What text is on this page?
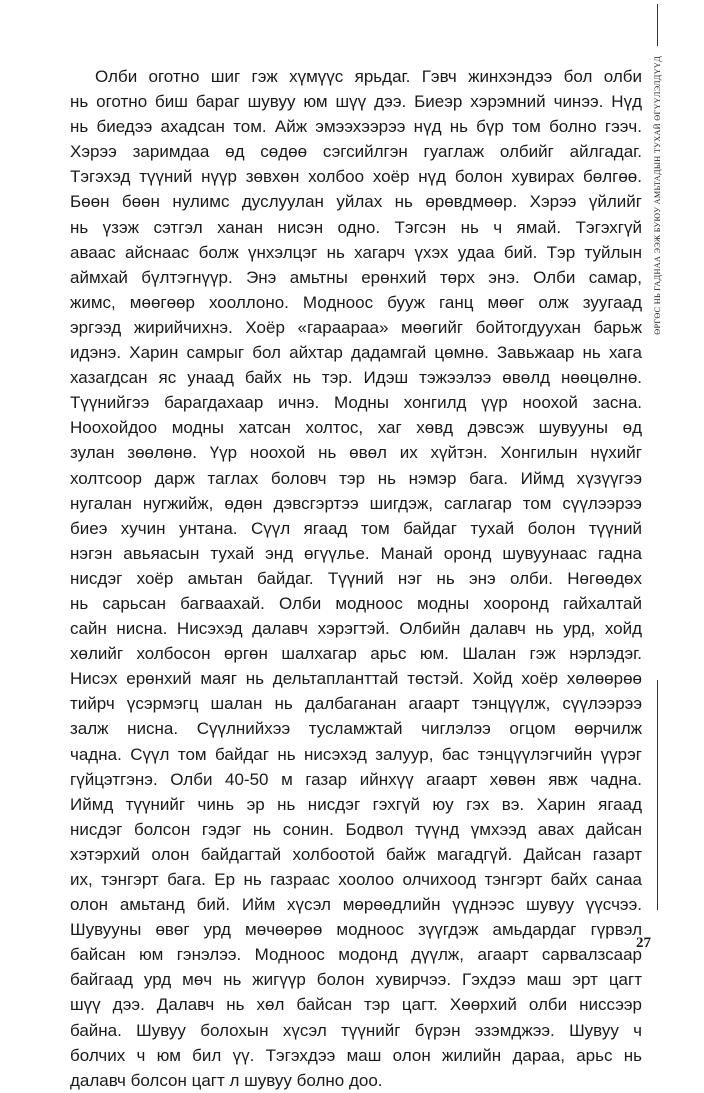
ӨРГӨС НЬ ГАДНАА ЭЭЖ БУЮУ АМЬТАДЫН ТУХАЙ ӨГҮҮЛЭЛДҮҮД

Олби оготно шиг гэж хүмүүс ярьдаг. Гэвч жинхэндээ бол олби
нь оготно биш бараг шувуу юм шүү дээ. Биеэр хэрэмний чинээ. Нүд
нь биедээ ахадсан том. Айж эмээхээрээ нүд нь бүр том болно гээч.
Хэрээ заримдаа өд сөдөө сэгсийлгэн гуаглаж олбийг айлгадаг.
Тэгэхэд түүний нүүр зөвхөн холбоо хоёр нүд болон хувирах бөлгөө.
Бөөн бөөн нулимс дуслуулан уйлах нь өрөвдмөөр. Хэрээ үйлийг
нь үзэж сэтгэл ханан нисэн одно. Тэгсэн нь ч ямай. Тэгэхгүй
аваас айснаас болж үнхэлцэг нь хагарч үхэх удаа бий. Тэр туйлын
аймхай бүлтэгнүүр. Энэ амьтны ерөнхий төрх энэ. Олби самар,
жимс, мөөгөөр хооллоно. Модноос бууж ганц мөөг олж зуугаад
эргээд жирийчихнэ. Хоёр «гараараа» мөөгийг бойтогдуухан барьж
идэнэ. Харин самрыг бол айхтар дадамгай цөмнө. Завьжаар нь хага
хазагдсан яс унаад байх нь тэр. Идэш тэжээлээ өвөлд нөөцөлнө.
Түүнийгээ барагдахаар ичнэ. Модны хонгилд үүр ноохой засна.
Ноохойдоо модны хатсан холтос, хаг хөвд дэвсэж шувууны өд
зулан зөөлөнө. Үүр ноохой нь өвөл их хүйтэн. Хонгилын нүхийг
холтсоор дарж таглах боловч тэр нь нэмэр бага. Иймд хүзүүгээ
нугалан нугжийж, өдөн дэвсгэртээ шигдэж, саглагар том сүүлээрээ
биеэ хучин унтана. Сүүл ягаад том байдаг тухай болон түүний
нэгэн авьяасын тухай энд өгүүлье. Манай оронд шувуунаас гадна
нисдэг хоёр амьтан байдаг. Түүний нэг нь энэ олби. Нөгөөдөх
нь сарьсан багваахай. Олби модноос модны хооронд гайхалтай
сайн нисна. Нисэхэд далавч хэрэгтэй. Олбийн далавч нь урд, хойд
хөлийг холбосон өргөн шалхагар арьс юм. Шалан гэж нэрлэдэг.
Нисэх ерөнхий маяг нь дельтапланттай төстэй. Хойд хоёр хөлөөрөө
тийрч үсэрмэгц шалан нь далбаганан агаарт тэнцүүлж, сүүлээрээ
залж нисна. Сүүлнийхээ тусламжтай чиглэлээ огцом өөрчилж
чадна. Сүүл том байдаг нь нисэхэд залуур, бас тэнцүүлэгчийн үүрэг
гүйцэтгэнэ. Олби 40-50 м газар ийнхүү агаарт хөвөн явж чадна.
Иймд түүнийг чинь эр нь нисдэг гэхгүй юу гэх вэ. Харин ягаад
нисдэг болсон гэдэг нь сонин. Бодвол түүнд үмхээд авах дайсан
хэтэрхий олон байдагтай холбоотой байж магадгүй. Дайсан газарт
их, тэнгэрт бага. Ер нь газраас хоолоо олчихоод тэнгэрт байх санаа
олон амьтанд бий. Ийм хүсэл мөрөөдлийн үүднээс шувуу үүсчээ.
Шувууны өвөг урд мөчөөрөө модноос зүүгдэж амьдардаг гүрвэл
байсан юм гэнэлээ. Модноос модонд дүүлж, агаарт сарвалзсаар
байгаад урд мөч нь жигүүр болон хувирчээ. Гэхдээ маш эрт цагт
шүү дээ. Далавч нь хөл байсан тэр цагт. Хөөрхий олби ниссээр
байна. Шувуу болохын хүсэл түүнийг бүрэн эзэмджээ. Шувуу ч
болчих ч юм бил үү. Тэгэхдээ маш олон жилийн дараа, арьс нь
далавч болсон цагт л шувуу болно доо.

27
